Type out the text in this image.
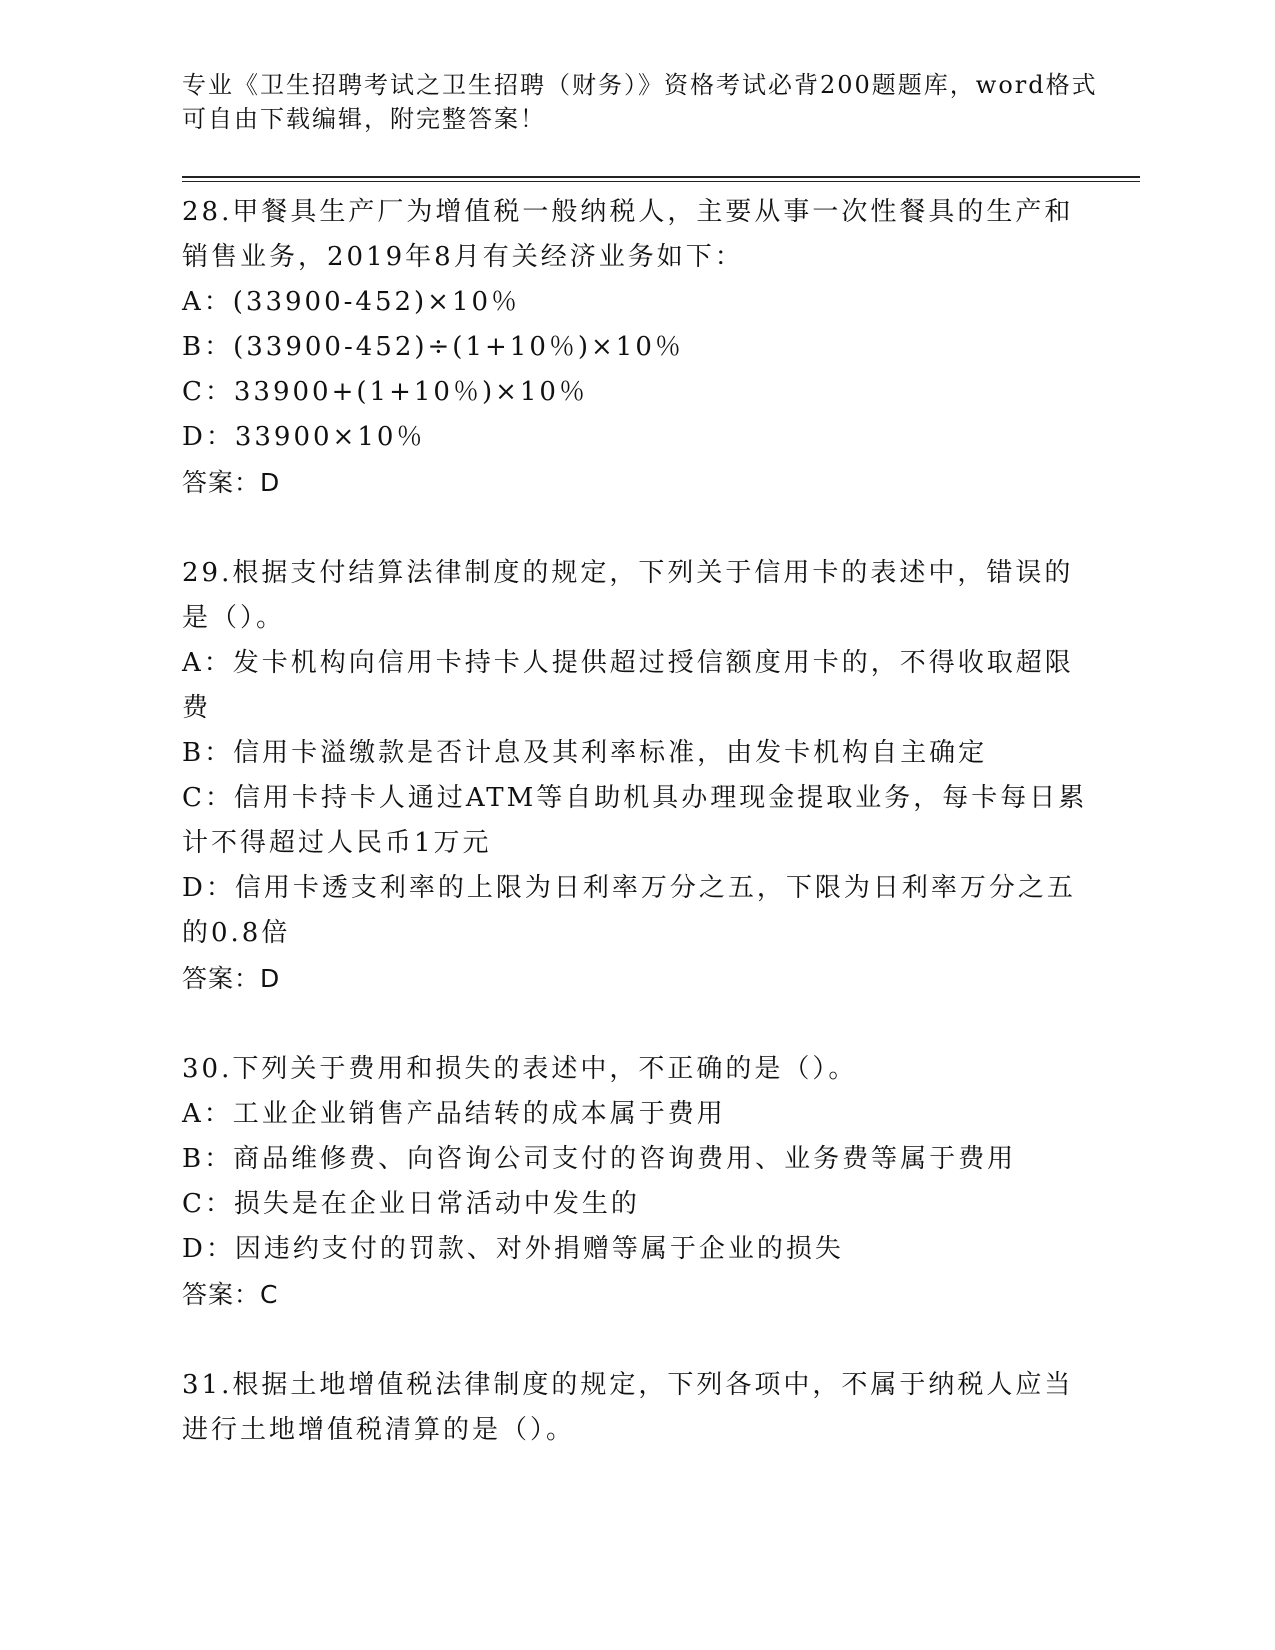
专业《卫生招聘考试之卫生招聘（财务）》资格考试必背200题题库，word格式
可自由下载编辑，附完整答案！
28.甲餐具生产厂为增值税一般纳税人，主要从事一次性餐具的生产和
销售业务，2019年8月有关经济业务如下：
A：(33900-452)×10％
B：(33900-452)÷(1+10％)×10％
C：33900+(1+10％)×10％
D：33900×10％
答案：D
29.根据支付结算法律制度的规定，下列关于信用卡的表述中，错误的
是（）。
A：发卡机构向信用卡持卡人提供超过授信额度用卡的，不得收取超限
费
B：信用卡溢缴款是否计息及其利率标准，由发卡机构自主确定
C：信用卡持卡人通过ATM等自助机具办理现金提取业务，每卡每日累
计不得超过人民币1万元
D：信用卡透支利率的上限为日利率万分之五，下限为日利率万分之五
的0.8倍
答案：D
30.下列关于费用和损失的表述中，不正确的是（）。
A：工业企业销售产品结转的成本属于费用
B：商品维修费、向咨询公司支付的咨询费用、业务费等属于费用
C：损失是在企业日常活动中发生的
D：因违约支付的罚款、对外捐赠等属于企业的损失
答案：C
31.根据土地增值税法律制度的规定，下列各项中，不属于纳税人应当
进行土地增值税清算的是（）。
